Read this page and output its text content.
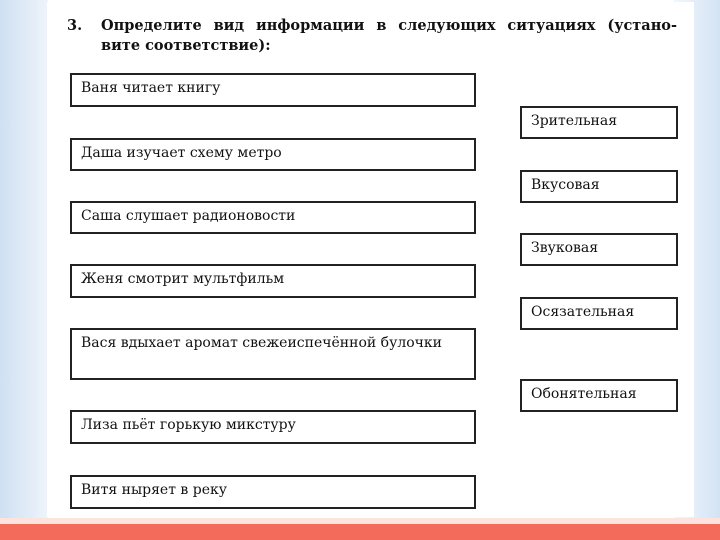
3.	Определите вид информации в следующих ситуациях (устано-
вите соответствие):
Ваня читает книгу
Даша изучает схему метро
Саша слушает радионовости
Женя смотрит мультфильм
Вася вдыхает аромат свежеиспечённой булочки
Лиза пьёт горькую микстуру
Витя ныряет в реку
Зрительная
Вкусовая
Звуковая
Осязательная
Обонятельная
